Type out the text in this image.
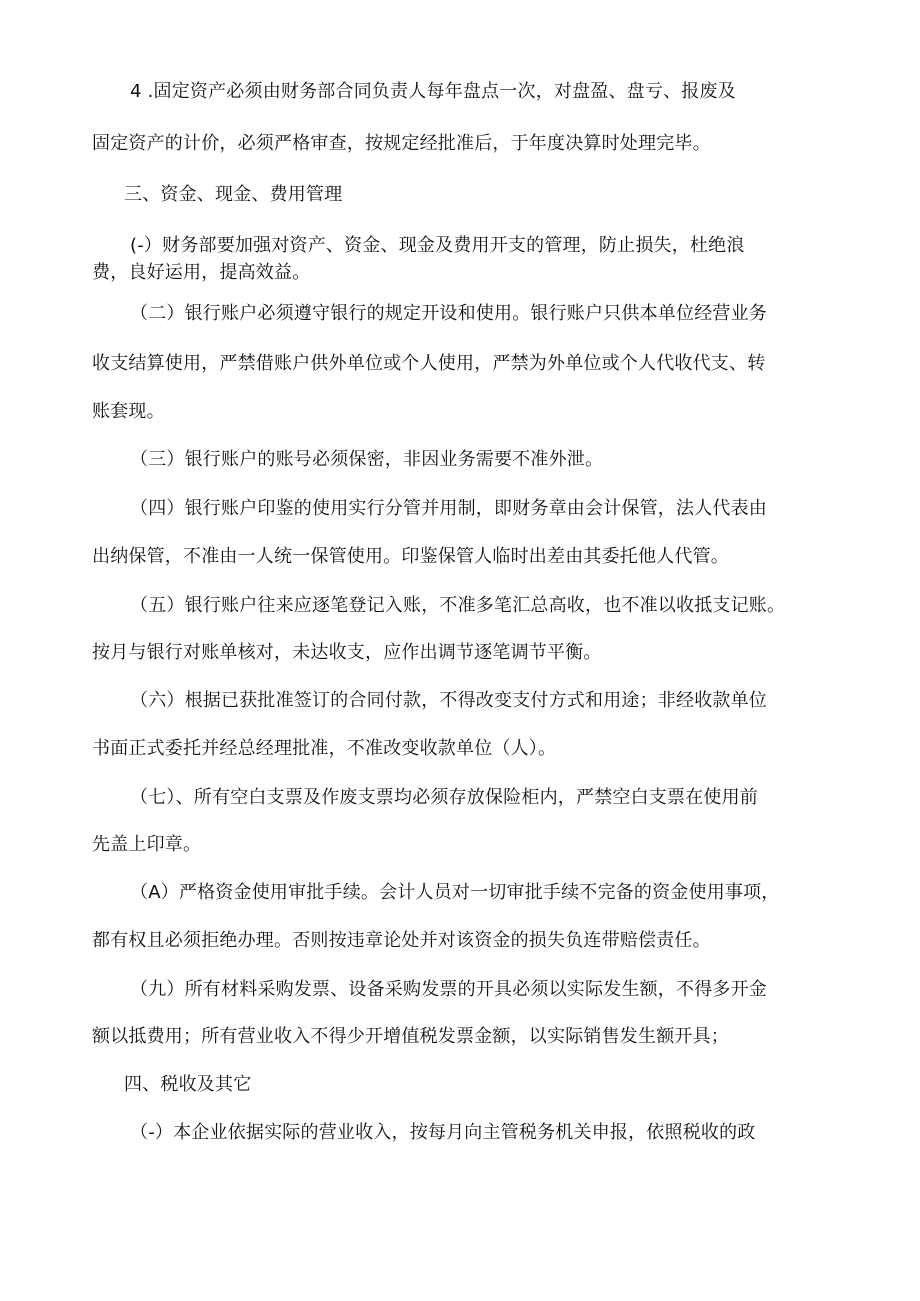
4 .固定资产必须由财务部合同负责人每年盘点一次，对盘盈、盘亏、报废及
固定资产的计价，必须严格审查，按规定经批准后，于年度决算时处理完毕。
三、资金、现金、费用管理
(-）财务部要加强对资产、资金、现金及费用开支的管理，防止损失，杜绝浪
费，良好运用，提高效益。
（二）银行账户必须遵守银行的规定开设和使用。银行账户只供本单位经营业务
收支结算使用，严禁借账户供外单位或个人使用，严禁为外单位或个人代收代支、转
账套现。
（三）银行账户的账号必须保密，非因业务需要不准外泄。
（四）银行账户印鉴的使用实行分管并用制，即财务章由会计保管，法人代表由
出纳保管，不准由一人统一保管使用。印鉴保管人临时出差由其委托他人代管。
（五）银行账户往来应逐笔登记入账，不准多笔汇总高收，也不准以收抵支记账。
按月与银行对账单核对，未达收支，应作出调节逐笔调节平衡。
（六）根据已获批准签订的合同付款，不得改变支付方式和用途；非经收款单位
书面正式委托并经总经理批准，不准改变收款单位（人）。
（七）、所有空白支票及作废支票均必须存放保险柜内，严禁空白支票在使用前
先盖上印章。
（A）严格资金使用审批手续。会计人员对一切审批手续不完备的资金使用事项，
都有权且必须拒绝办理。否则按违章论处并对该资金的损失负连带赔偿责任。
（九）所有材料采购发票、设备采购发票的开具必须以实际发生额，不得多开金
额以抵费用；所有营业收入不得少开增值税发票金额，以实际销售发生额开具；
四、税收及其它
（-）本企业依据实际的营业收入，按每月向主管税务机关申报，依照税收的政
